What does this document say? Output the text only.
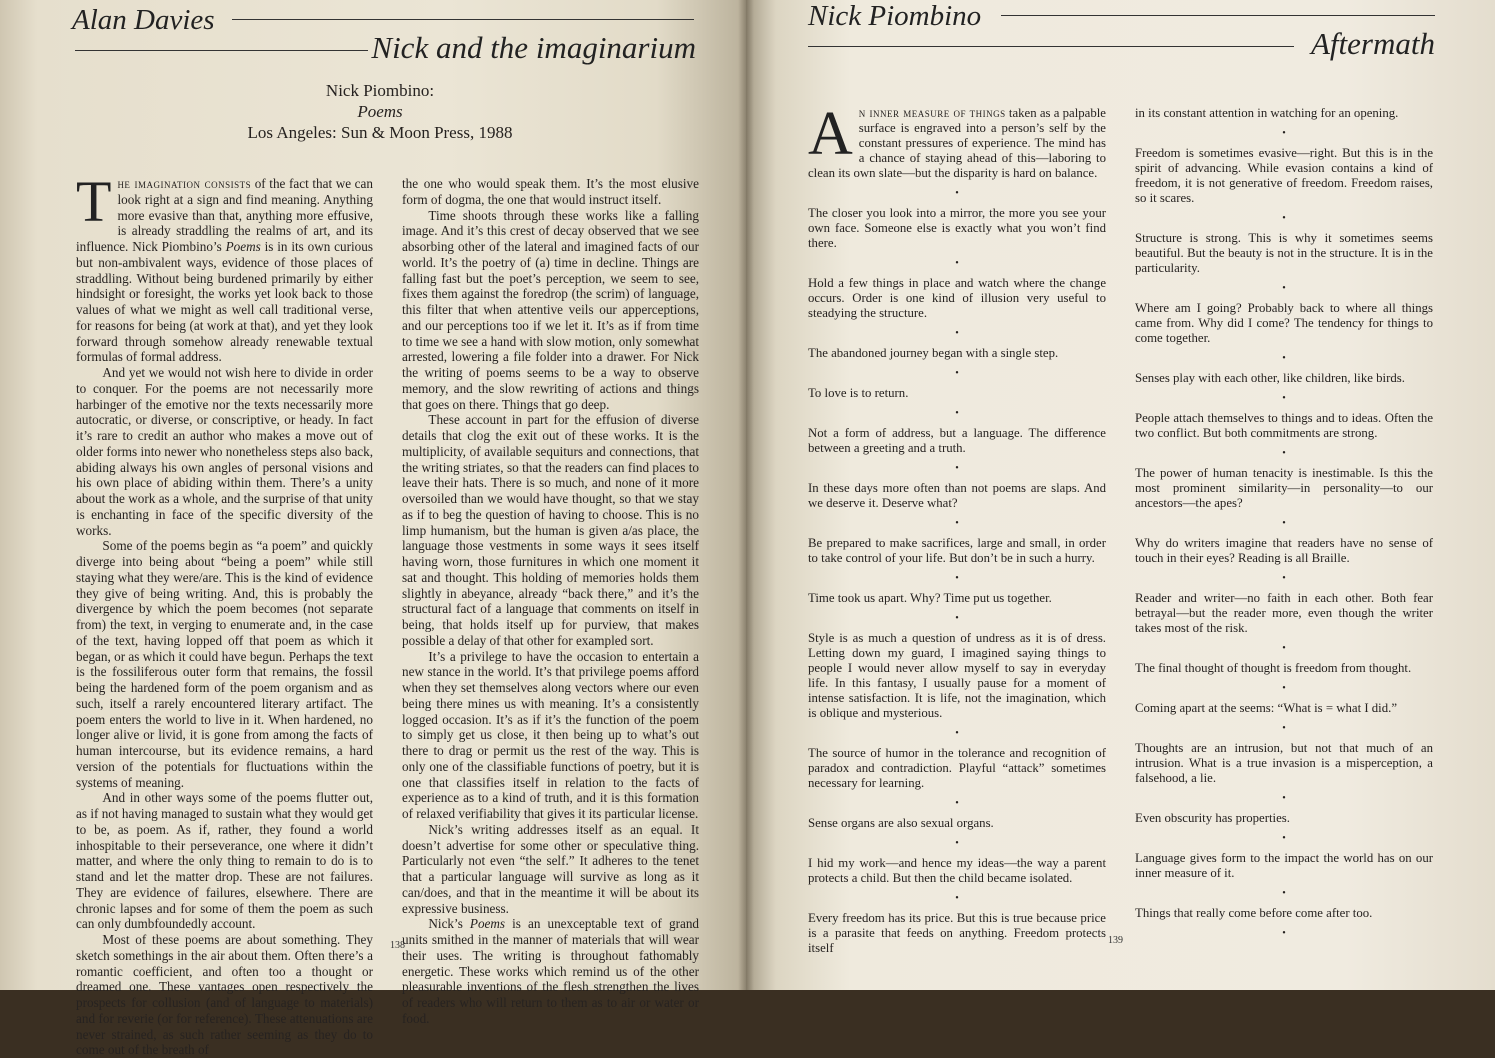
Alan Davies
Nick and the imaginarium
Nick Piombino:
Poems
Los Angeles: Sun & Moon Press, 1988

The imagination consists of the fact that we can look right at a sign and find meaning. Anything more evasive than that, anything more effusive, is already straddling the realms of art, and its influence. Nick Piombino’s Poems is in its own curious but non-ambivalent ways, evidence of those places of straddling. Without being burdened primarily by either hindsight or foresight, the works yet look back to those values of what we might as well call traditional verse, for reasons for being (at work at that), and yet they look forward through somehow already renewable textual formulas of formal address.

And yet we would not wish here to divide in order to conquer. For the poems are not necessarily more harbinger of the emotive nor the texts necessarily more autocratic, or diverse, or conscriptive, or heady. In fact it’s rare to credit an author who makes a move out of older forms into newer who nonetheless steps also back, abiding always his own angles of personal visions and his own place of abiding within them. There’s a unity about the work as a whole, and the surprise of that unity is enchanting in face of the specific diversity of the works.

Some of the poems begin as “a poem” and quickly diverge into being about “being a poem” while still staying what they were/are. This is the kind of evidence they give of being writing. And, this is probably the divergence by which the poem becomes (not separate from) the text, in verging to enumerate and, in the case of the text, having lopped off that poem as which it began, or as which it could have begun. Perhaps the text is the fossiliferous outer form that remains, the fossil being the hardened form of the poem organism and as such, itself a rarely encountered literary artifact. The poem enters the world to live in it. When hardened, no longer alive or livid, it is gone from among the facts of human intercourse, but its evidence remains, a hard version of the potentials for fluctuations within the systems of meaning.

And in other ways some of the poems flutter out, as if not having managed to sustain what they would get to be, as poem. As if, rather, they found a world inhospitable to their perseverance, one where it didn’t matter, and where the only thing to remain to do is to stand and let the matter drop. These are not failures. They are evidence of failures, elsewhere. There are chronic lapses and for some of them the poem as such can only dumbfoundedly account.

Most of these poems are about something. They sketch somethings in the air about them. Often there’s a romantic coefficient, and often too a thought or dreamed one. These vantages open respectively the prospects for collusion (and of language to materials) and for reverie (or for reference). These attenuations are never strained, as such rather seeming as they do to come out of the breath of

the one who would speak them. It’s the most elusive form of dogma, the one that would instruct itself.

Time shoots through these works like a falling image. And it’s this crest of decay observed that we see absorbing other of the lateral and imagined facts of our world. It’s the poetry of (a) time in decline. Things are falling fast but the poet’s perception, we seem to see, fixes them against the foredrop (the scrim) of language, this filter that when attentive veils our apperceptions, and our perceptions too if we let it. It’s as if from time to time we see a hand with slow motion, only somewhat arrested, lowering a file folder into a drawer. For Nick the writing of poems seems to be a way to observe memory, and the slow rewriting of actions and things that goes on there. Things that go deep.

These account in part for the effusion of diverse details that clog the exit out of these works. It is the multiplicity, of available sequiturs and connections, that the writing striates, so that the readers can find places to leave their hats. There is so much, and none of it more oversoiled than we would have thought, so that we stay as if to beg the question of having to choose. This is no limp humanism, but the human is given a/as place, the language those vestments in some ways it sees itself having worn, those furnitures in which one moment it sat and thought. This holding of memories holds them slightly in abeyance, already “back there,” and it’s the structural fact of a language that comments on itself in being, that holds itself up for purview, that makes possible a delay of that other for exampled sort.

It’s a privilege to have the occasion to entertain a new stance in the world. It’s that privilege poems afford when they set themselves along vectors where our even being there mines us with meaning. It’s a consistently logged occasion. It’s as if it’s the function of the poem to simply get us close, it then being up to what’s out there to drag or permit us the rest of the way. This is only one of the classifiable functions of poetry, but it is one that classifies itself in relation to the facts of experience as to a kind of truth, and it is this formation of relaxed verifiability that gives it its particular license.

Nick’s writing addresses itself as an equal. It doesn’t advertise for some other or speculative thing. Particularly not even “the self.” It adheres to the tenet that a particular language will survive as long as it can/does, and that in the meantime it will be about its expressive business.

Nick’s Poems is an unexceptable text of grand units smithed in the manner of materials that will wear their uses. The writing is throughout fathomably energetic. These works which remind us of the other pleasurable inventions of the flesh strengthen the lives of readers who will return to them as to air or water or food.

138
Nick Piombino
Aftermath

An inner measure of things taken as a palpable surface is engraved into a person’s self by the constant pressures of experience. The mind has a chance of staying ahead of this—laboring to clean its own slate—but the disparity is hard on balance.

•

The closer you look into a mirror, the more you see your own face. Someone else is exactly what you won’t find there.

•

Hold a few things in place and watch where the change occurs. Order is one kind of illusion very useful to steadying the structure.

•

The abandoned journey began with a single step.

•

To love is to return.

•

Not a form of address, but a language. The difference between a greeting and a truth.

•

In these days more often than not poems are slaps. And we deserve it. Deserve what?

•

Be prepared to make sacrifices, large and small, in order to take control of your life. But don’t be in such a hurry.

•

Time took us apart. Why? Time put us together.

•

Style is as much a question of undress as it is of dress. Letting down my guard, I imagined saying things to people I would never allow myself to say in everyday life. In this fantasy, I usually pause for a moment of intense satisfaction. It is life, not the imagination, which is oblique and mysterious.

•

The source of humor in the tolerance and recognition of paradox and contradiction. Playful “attack” sometimes necessary for learning.

•

Sense organs are also sexual organs.

•

I hid my work—and hence my ideas—the way a parent protects a child. But then the child became isolated.

•

Every freedom has its price. But this is true because price is a parasite that feeds on anything. Freedom protects itself

in its constant attention in watching for an opening.

•

Freedom is sometimes evasive—right. But this is in the spirit of advancing. While evasion contains a kind of freedom, it is not generative of freedom. Freedom raises, so it scares.

•

Structure is strong. This is why it sometimes seems beautiful. But the beauty is not in the structure. It is in the particularity.

•

Where am I going? Probably back to where all things came from. Why did I come? The tendency for things to come together.

•

Senses play with each other, like children, like birds.

•

People attach themselves to things and to ideas. Often the two conflict. But both commitments are strong.

•

The power of human tenacity is inestimable. Is this the most prominent similarity—in personality—to our ancestors—the apes?

•

Why do writers imagine that readers have no sense of touch in their eyes? Reading is all Braille.

•

Reader and writer—no faith in each other. Both fear betrayal—but the reader more, even though the writer takes most of the risk.

•

The final thought of thought is freedom from thought.

•

Coming apart at the seems: “What is = what I did.”

•

Thoughts are an intrusion, but not that much of an intrusion. What is a true invasion is a misperception, a falsehood, a lie.

•

Even obscurity has properties.

•

Language gives form to the impact the world has on our inner measure of it.

•

Things that really come before come after too.

•
139
